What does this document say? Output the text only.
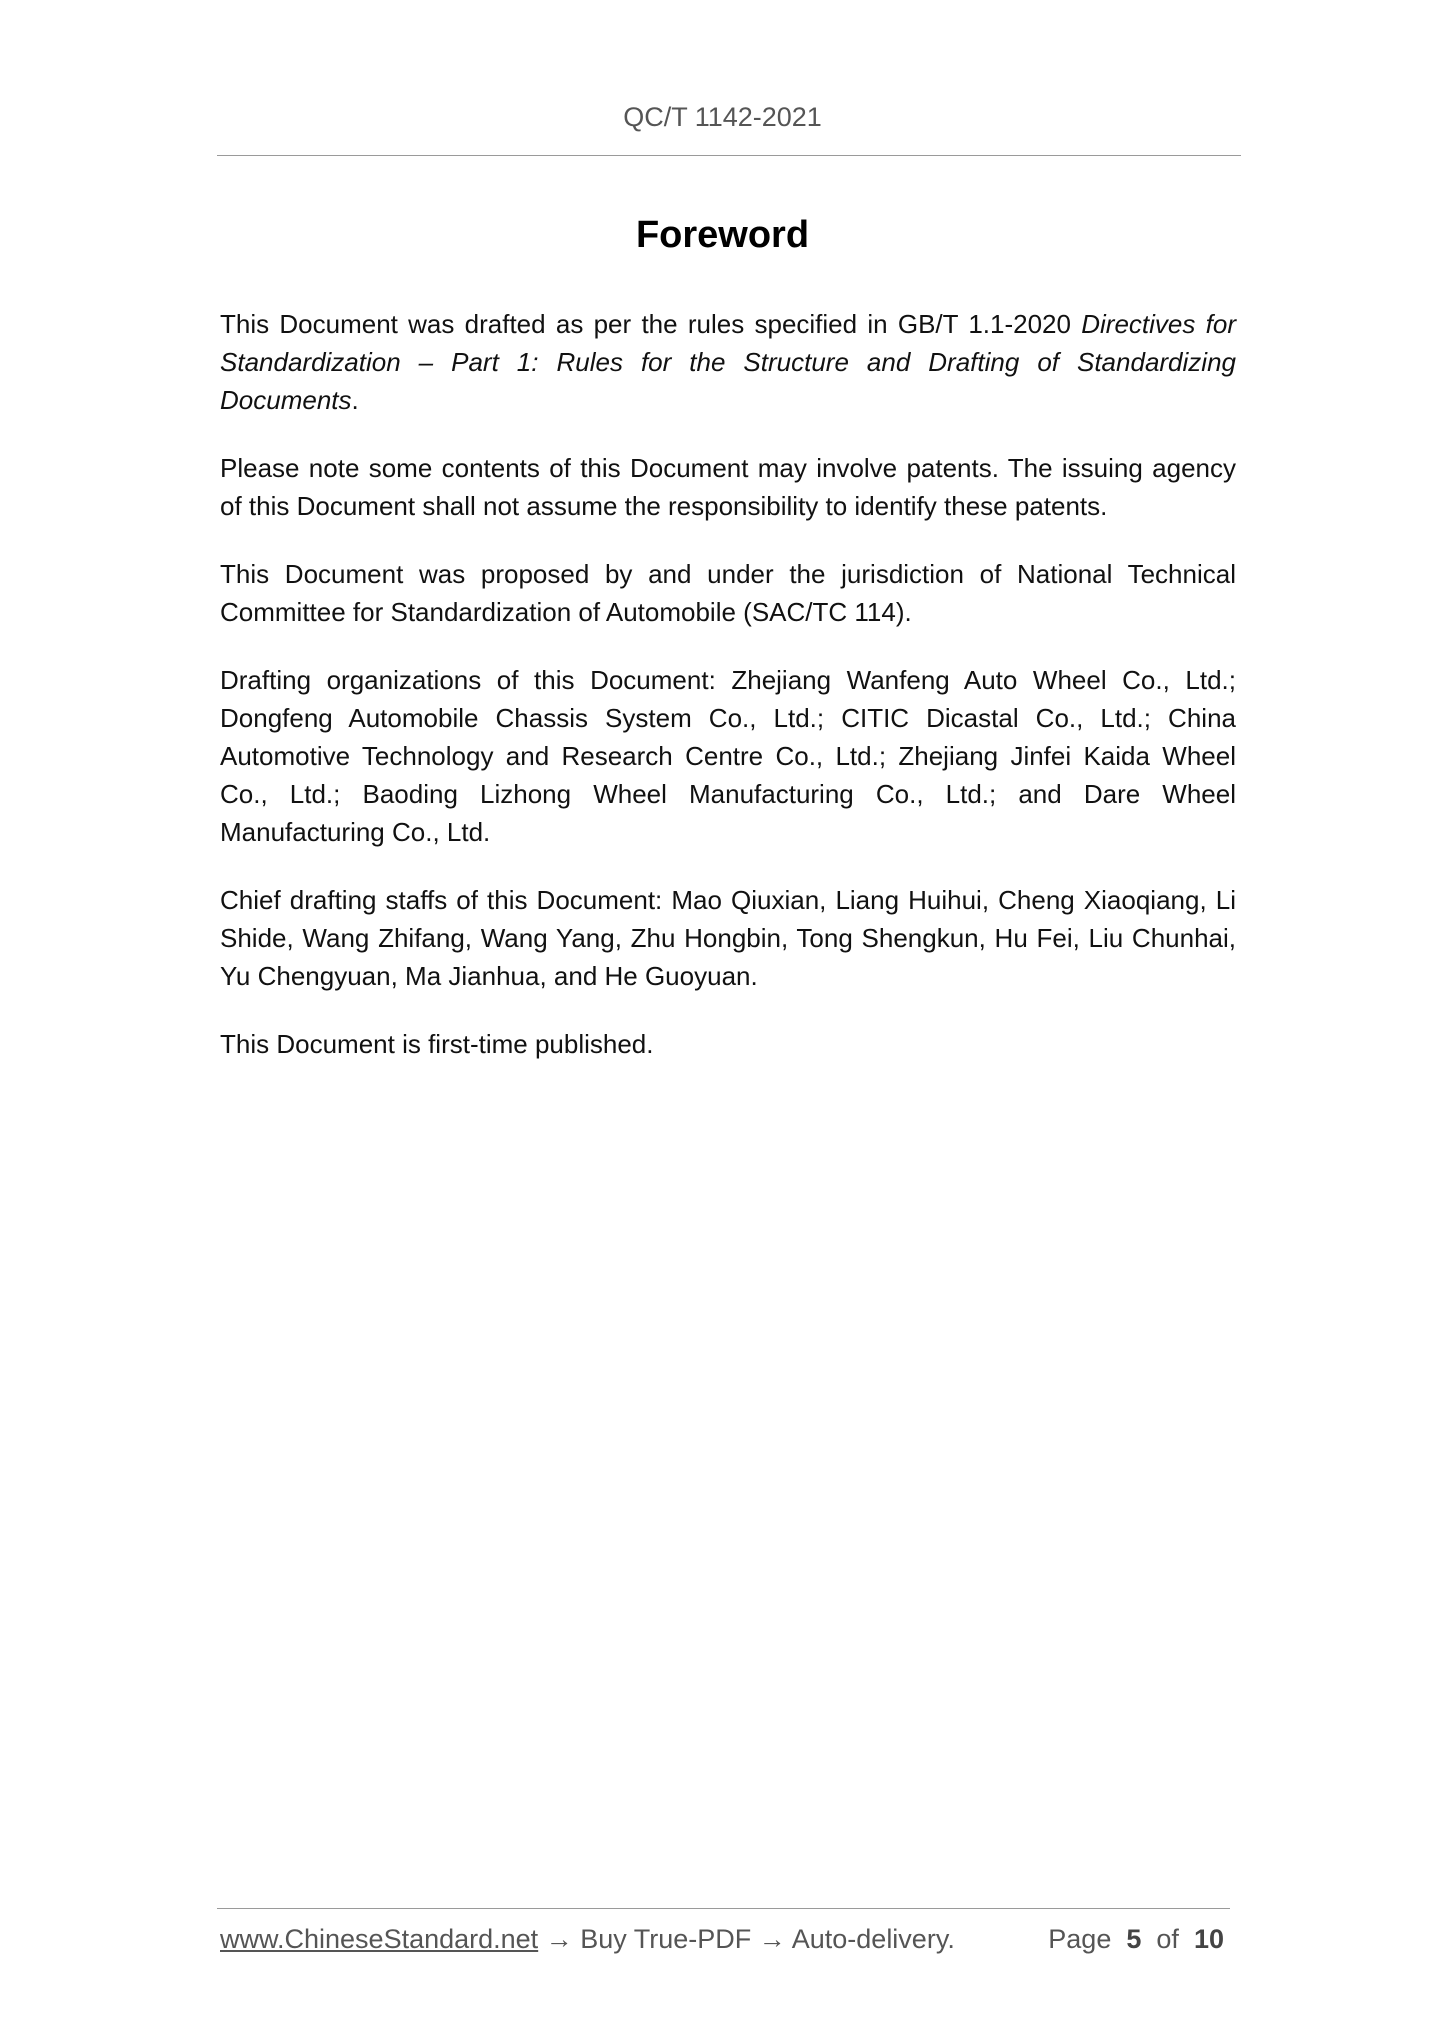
QC/T 1142-2021
Foreword

This Document was drafted as per the rules specified in GB/T 1.1-2020 Directives for Standardization – Part 1: Rules for the Structure and Drafting of Standardizing Documents.

Please note some contents of this Document may involve patents. The issuing agency of this Document shall not assume the responsibility to identify these patents.

This Document was proposed by and under the jurisdiction of National Technical Committee for Standardization of Automobile (SAC/TC 114).

Drafting organizations of this Document: Zhejiang Wanfeng Auto Wheel Co., Ltd.; Dongfeng Automobile Chassis System Co., Ltd.; CITIC Dicastal Co., Ltd.; China Automotive Technology and Research Centre Co., Ltd.; Zhejiang Jinfei Kaida Wheel Co., Ltd.; Baoding Lizhong Wheel Manufacturing Co., Ltd.; and Dare Wheel Manufacturing Co., Ltd.

Chief drafting staffs of this Document: Mao Qiuxian, Liang Huihui, Cheng Xiaoqiang, Li Shide, Wang Zhifang, Wang Yang, Zhu Hongbin, Tong Shengkun, Hu Fei, Liu Chunhai, Yu Chengyuan, Ma Jianhua, and He Guoyuan.

This Document is first-time published.

www.ChineseStandard.net → Buy True-PDF → Auto-delivery.	Page 5 of 10
